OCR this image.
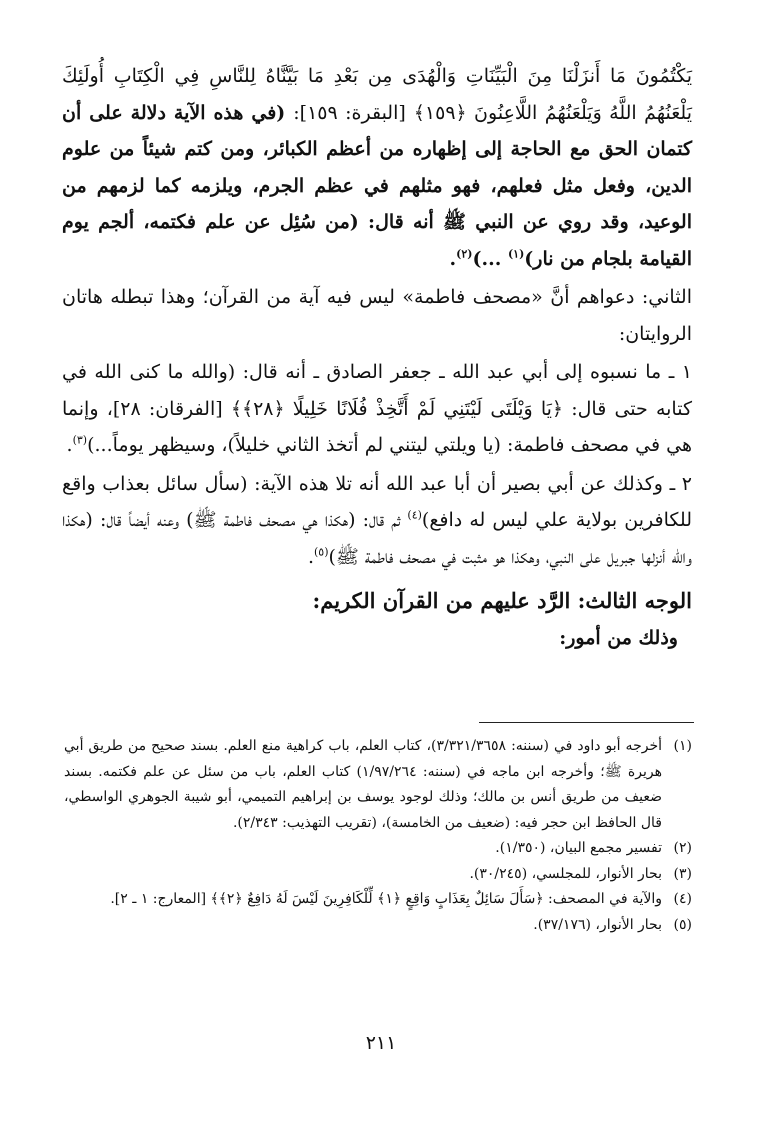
يَكْتُمُونَ مَا أَنزَلْنَا مِنَ الْبَيِّنَاتِ وَالْهُدَى مِن بَعْدِ مَا بَيَّنَّاهُ لِلنَّاسِ فِي الْكِتَابِ أُولَئِكَ يَلْعَنُهُمُ اللَّهُ وَيَلْعَنُهُمُ اللَّاعِنُونَ ﴿١٥٩﴾ [البقرة: ١٥٩]: (في هذه الآية دلالة على أن كتمان الحق مع الحاجة إلى إظهاره من أعظم الكبائر، ومن كتم شيئاً من علوم الدين، وفعل مثل فعلهم، فهو مثلهم في عظم الجرم، ويلزمه كما لزمهم من الوعيد، وقد روي عن النبي ﷺ أنه قال: (من سُئِل عن علم فكتمه، ألجم يوم القيامة بلجام من نار)$^{(١)}$ ...)$^{(٢)}$.

الثاني: دعواهم أنَّ «مصحف فاطمة» ليس فيه آية من القرآن؛ وهذا تبطله هاتان الروايتان:

١ ـ ما نسبوه إلى أبي عبد الله ـ جعفر الصادق ـ أنه قال: (والله ما كنى الله في كتابه حتى قال: ﴿يَا وَيْلَتَى لَيْتَنِي لَمْ أَتَّخِذْ فُلَانًا خَلِيلًا ﴿٢٨﴾﴾ [الفرقان: ٢٨]، وإنما هي في مصحف فاطمة: (يا ويلتي ليتني لم أتخذ الثاني خليلاً)، وسيظهر يوماً...)$^{(٣)}$.

٢ ـ وكذلك عن أبي بصير أن أبا عبد الله أنه تلا هذه الآية: (سأل سائل بعذاب واقع للكافرين بولاية علي ليس له دافع)$^{(٤)}$ ثم قال: (هكذا هي مصحف فاطمة ﷺ) وعنه أيضاً قال: (هكذا والله أنزلها جبريل على النبي، وهكذا هو مثبت في مصحف فاطمة ﷺ)$^{(٥)}$.

الوجه الثالث: الرَّد عليهم من القرآن الكريم:

وذلك من أمور:

(١)
أخرجه أبو داود في (سننه: ٣/٣٢١/٣٦٥٨)، كتاب العلم، باب كراهية منع العلم. بسند صحيح من طريق أبي هريرة ﷺ؛ وأخرجه ابن ماجه في (سننه: ١/٩٧/٢٦٤) كتاب العلم، باب من سئل عن علم فكتمه. بسند ضعيف من طريق أنس بن مالك؛ وذلك لوجود يوسف بن إبراهيم التميمي، أبو شيبة الجوهري الواسطي، قال الحافظ ابن حجر فيه: (ضعيف من الخامسة)، (تقريب التهذيب: ٢/٣٤٣).
(٢)
تفسير مجمع البيان، (١/٣٥٠).
(٣)
بحار الأنوار، للمجلسي، (٣٠/٢٤٥).
(٤)
والآية في المصحف: ﴿سَأَلَ سَائِلٌ بِعَذَابٍ وَاقِعٍ ﴿١﴾ لِّلْكَافِرِينَ لَيْسَ لَهُ دَافِعٌ ﴿٢﴾﴾ [المعارج: ١ ـ ٢].
(٥)
بحار الأنوار، (٣٧/١٧٦).
٢١١
